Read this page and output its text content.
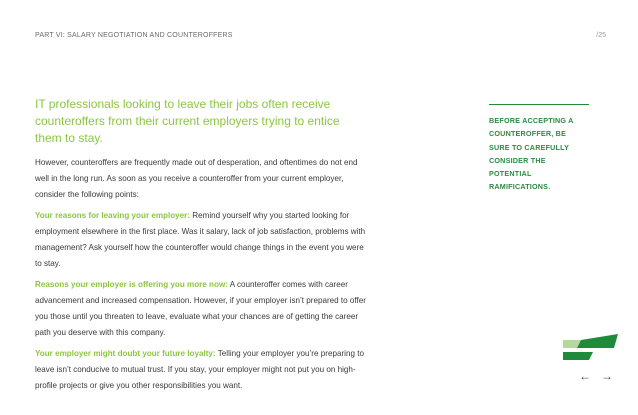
PART VI: SALARY NEGOTIATION AND COUNTEROFFERS	/25
IT professionals looking to leave their jobs often receive counteroffers from their current employers trying to entice them to stay.

However, counteroffers are frequently made out of desperation, and oftentimes do not end well in the long run. As soon as you receive a counteroffer from your current employer, consider the following points:

Your reasons for leaving your employer: Remind yourself why you started looking for employment elsewhere in the first place. Was it salary, lack of job satisfaction, problems with management? Ask yourself how the counteroffer would change things in the event you were to stay.

Reasons your employer is offering you more now: A counteroffer comes with career advancement and increased compensation. However, if your employer isn’t prepared to offer you those until you threaten to leave, evaluate what your chances are of getting the career path you deserve with this company.

Your employer might doubt your future loyalty: Telling your employer you’re preparing to leave isn’t conducive to mutual trust. If you stay, your employer might not put you on high-profile projects or give you other responsibilities you want.

BEFORE ACCEPTING A COUNTEROFFER, BE SURE TO CAREFULLY CONSIDER THE POTENTIAL RAMIFICATIONS.
← →
